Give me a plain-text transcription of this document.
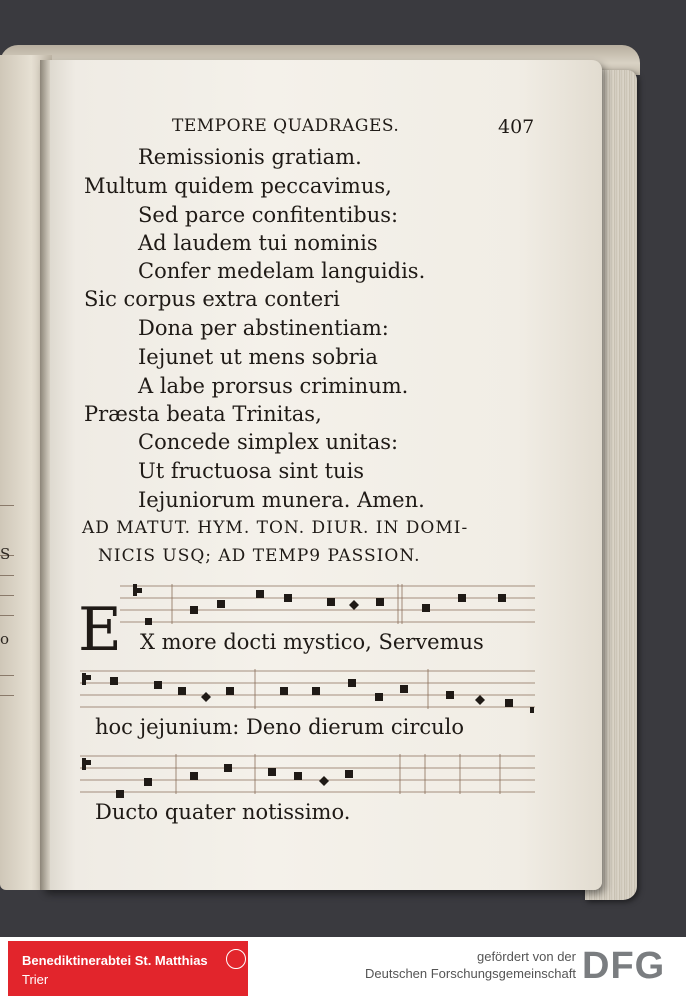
S
o
TEMPORE QUADRAGES.	407
Remissionis gratiam.
Multum quidem peccavimus,
Sed parce confitentibus:
Ad laudem tui nominis
Confer medelam languidis.
Sic corpus extra conteri
Dona per abstinentiam:
Iejunet ut mens sobria
A labe prorsus criminum.
Præsta beata Trinitas,
Concede simplex unitas:
Ut fructuosa sint tuis
Iejuniorum munera. Amen.
AD MATUT. HYM. TON. DIUR. IN DOMI-
NICIS USQ; AD TEMP9 PASSION.
E X more docti mystico, Servemus
hoc jejunium: Deno dierum circulo
Ducto quater notissimo.
Benediktinerabtei St. Matthias
Trier
gefördert von der
Deutschen Forschungsgemeinschaft DFG
